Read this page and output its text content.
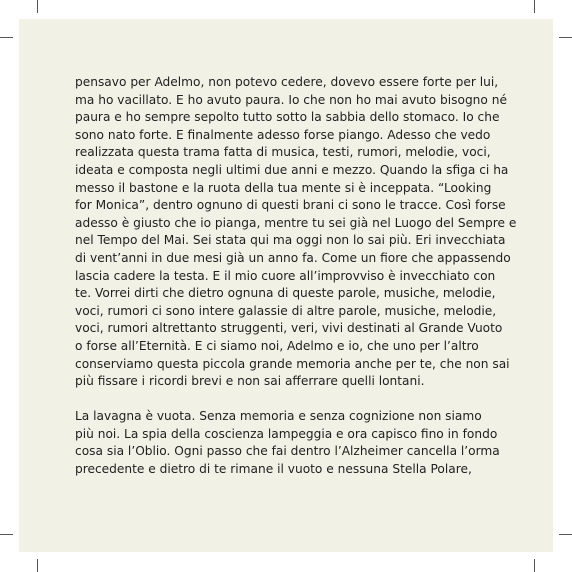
pensavo per Adelmo, non potevo cedere, dovevo essere forte per lui,
ma ho vacillato. E ho avuto paura. Io che non ho mai avuto bisogno né
paura e ho sempre sepolto tutto sotto la sabbia dello stomaco. Io che
sono nato forte. E finalmente adesso forse piango. Adesso che vedo
realizzata questa trama fatta di musica, testi, rumori, melodie, voci,
ideata e composta negli ultimi due anni e mezzo. Quando la sfiga ci ha
messo il bastone e la ruota della tua mente si è inceppata. “Looking
for Monica”, dentro ognuno di questi brani ci sono le tracce. Così forse
adesso è giusto che io pianga, mentre tu sei già nel Luogo del Sempre e
nel Tempo del Mai. Sei stata qui ma oggi non lo sai più. Eri invecchiata
di vent’anni in due mesi già un anno fa. Come un fiore che appassendo
lascia cadere la testa. E il mio cuore all’improvviso è invecchiato con
te. Vorrei dirti che dietro ognuna di queste parole, musiche, melodie,
voci, rumori ci sono intere galassie di altre parole, musiche, melodie,
voci, rumori altrettanto struggenti, veri, vivi destinati al Grande Vuoto
o forse all’Eternità. E ci siamo noi, Adelmo e io, che uno per l’altro
conserviamo questa piccola grande memoria anche per te, che non sai
più fissare i ricordi brevi e non sai afferrare quelli lontani.
La lavagna è vuota. Senza memoria e senza cognizione non siamo
più noi. La spia della coscienza lampeggia e ora capisco fino in fondo
cosa sia l’Oblio. Ogni passo che fai dentro l’Alzheimer cancella l’orma
precedente e dietro di te rimane il vuoto e nessuna Stella Polare,
